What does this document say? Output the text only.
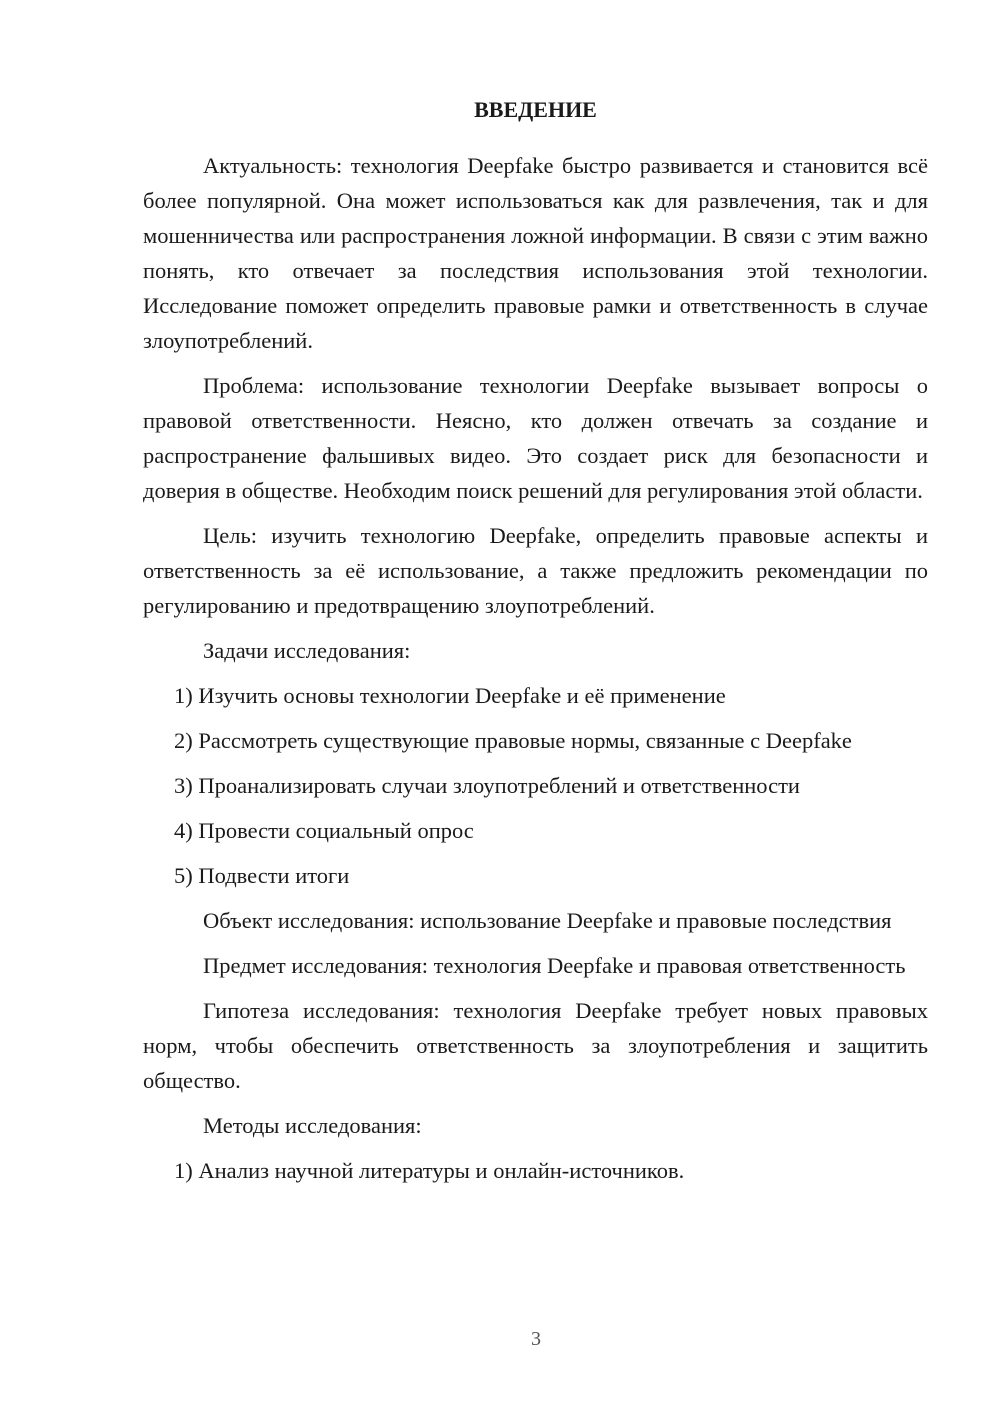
ВВЕДЕНИЕ

Актуальность: технология Deepfake быстро развивается и становится всё более популярной. Она может использоваться как для развлечения, так и для мошенничества или распространения ложной информации. В связи с этим важно понять, кто отвечает за последствия использования этой технологии. Исследование поможет определить правовые рамки и ответственность в случае злоупотреблений.

Проблема: использование технологии Deepfake вызывает вопросы о правовой ответственности. Неясно, кто должен отвечать за создание и распространение фальшивых видео. Это создает риск для безопасности и доверия в обществе. Необходим поиск решений для регулирования этой области.

Цель: изучить технологию Deepfake, определить правовые аспекты и ответственность за её использование, а также предложить рекомендации по регулированию и предотвращению злоупотреблений.

Задачи исследования:
1) Изучить основы технологии Deepfake и её применение
2) Рассмотреть существующие правовые нормы, связанные с Deepfake
3) Проанализировать случаи злоупотреблений и ответственности
4) Провести социальный опрос
5) Подвести итоги

Объект исследования: использование Deepfake и правовые последствия

Предмет исследования: технология Deepfake и правовая ответственность

Гипотеза исследования: технология Deepfake требует новых правовых норм, чтобы обеспечить ответственность за злоупотребления и защитить общество.

Методы исследования:
1) Анализ научной литературы и онлайн-источников.
3
